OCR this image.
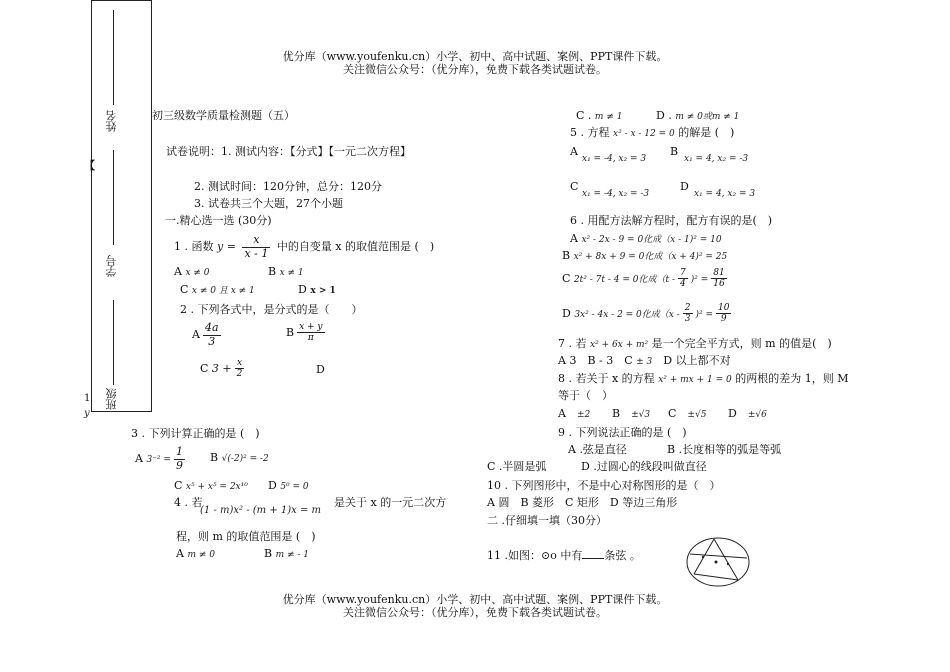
优分库（www.youfenku.cn）小学、初中、高中试题、案例、PPT课件下载。
关注微信公众号：（优分库），免费下载各类试题试卷。
姓名
学号
班级
【
1
y
初三级数学质量检测题（五）
试卷说明：1. 测试内容：【分式】【一元二次方程】
2. 测试时间：120分钟，总分：120分
3. 试卷共三个大题，27个小题
一.精心选一选 (30分)
1 . 函数 $y = \frac{x}{x - 1}$ 中的自变量 x 的取值范围是 (　)
A x ≠ 0	B x ≠ 1
C x ≠ 0 且 x ≠ 1	D x > 1
2 . 下列各式中，是分式的是（　　）
A $\frac{4a}{3}$	B $\frac{x + y}{\pi}$
C $3 + \frac{x}{2}$	D
3 . 下列计算正确的是 (　)
A $3^{-2} = \frac{1}{9}$ B √(-2)² = -2
C x⁵ + x⁵ = 2x¹⁰ D 5⁰ = 0
4 . 若
(1 - m)x² - (m + 1)x = m
是关于 x 的一元二次方
程，则 m 的取值范围是 (　)
A m ≠ 0	B m ≠ - 1
C . m ≠ 1	D . m ≠ 0或m ≠ 1
5 . 方程 x² - x - 12 = 0 的解是 (　)
A
x₁ = -4, x₂ = 3
B
x₁ = 4, x₂ = -3
C
x₁ = -4, x₂ = -3
D
x₁ = 4, x₂ = 3
6 . 用配方法解方程时，配方有误的是(　)
A x² - 2x - 9 = 0化成（x - 1)² = 10
B x² + 8x + 9 = 0化成（x + 4)² = 25
C 2t² - 7t - 4 = 0化成$(t - \frac{7}{4} )^2 = \frac{81}{16}$
D 3x² - 4x - 2 = 0化成$(x - \frac{2}{3} )^2 = \frac{10}{9}$
7 . 若 x² + 6x + m² 是一个完全平方式，则 m 的值是(　)
A 3　B - 3　C ± 3　 D 以上都不对
8 . 若关于 x 的方程 x² + mx + 1 = 0 的两根的差为 1，则 M
等于（　）
A　 ±2 B　 ±√3 C　 ±√5 D　 ±√6
9 . 下列说法正确的是 (　)
A .弦是直径	B .长度相等的弧是等弧
C .半圆是弧	D .过圆心的线段叫做直径
10 . 下列图形中，不是中心对称图形的是（　）
A 圆　B 菱形　C 矩形　D 等边三角形
二 .仔细填一填（30分）
11 .如图：⊙o 中有 条弦 。
优分库（www.youfenku.cn）小学、初中、高中试题、案例、PPT课件下载。
关注微信公众号：（优分库），免费下载各类试题试卷。
